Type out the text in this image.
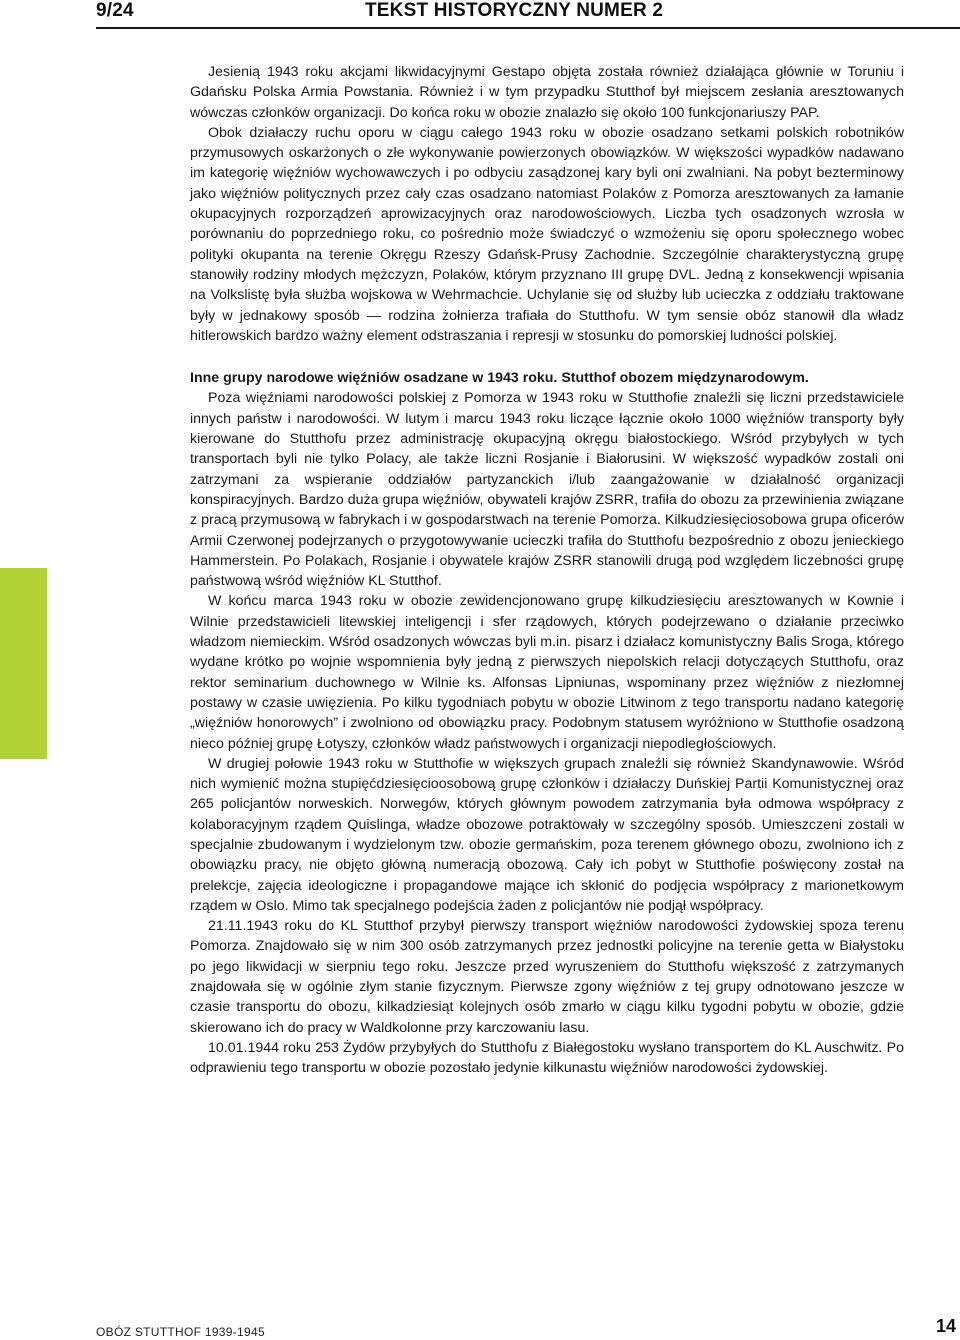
9/24	TEKST HISTORYCZNY NUMER 2

Jesienią 1943 roku akcjami likwidacyjnymi Gestapo objęta została również działająca głównie w Toruniu i Gdańsku Polska Armia Powstania. Również i w tym przypadku Stutthof był miejscem zesłania aresztowanych wówczas członków organizacji. Do końca roku w obozie znalazło się około 100 funkcjonariuszy PAP.

Obok działaczy ruchu oporu w ciągu całego 1943 roku w obozie osadzano setkami polskich robotników przymusowych oskarżonych o złe wykonywanie powierzonych obowiązków. W większości wypadków nadawano im kategorię więźniów wychowawczych i po odbyciu zasądzonej kary byli oni zwalniani. Na pobyt bezterminowy jako więźniów politycznych przez cały czas osadzano natomiast Polaków z Pomorza aresztowanych za łamanie okupacyjnych rozporządzeń aprowizacyjnych oraz narodowościowych. Liczba tych osadzonych wzrosła w porównaniu do poprzedniego roku, co pośrednio może świadczyć o wzmożeniu się oporu społecznego wobec polityki okupanta na terenie Okręgu Rzeszy Gdańsk-Prusy Zachodnie. Szczególnie charakterystyczną grupę stanowiły rodziny młodych mężczyzn, Polaków, którym przyznano III grupę DVL. Jedną z konsekwencji wpisania na Volkslistę była służba wojskowa w Wehrmachcie. Uchylanie się od służby lub ucieczka z oddziału traktowane były w jednakowy sposób — rodzina żołnierza trafiała do Stutthofu. W tym sensie obóz stanowił dla władz hitlerowskich bardzo ważny element odstraszania i represji w stosunku do pomorskiej ludności polskiej.

Inne grupy narodowe więźniów osadzane w 1943 roku. Stutthof obozem międzynarodowym.

Poza więźniami narodowości polskiej z Pomorza w 1943 roku w Stutthofie znaleźli się liczni przedstawiciele innych państw i narodowości. W lutym i marcu 1943 roku liczące łącznie około 1000 więźniów transporty były kierowane do Stutthofu przez administrację okupacyjną okręgu białostockiego. Wśród przybyłych w tych transportach byli nie tylko Polacy, ale także liczni Rosjanie i Białorusini. W większość wypadków zostali oni zatrzymani za wspieranie oddziałów partyzanckich i/lub zaangażowanie w działalność organizacji konspiracyjnych. Bardzo duża grupa więźniów, obywateli krajów ZSRR, trafiła do obozu za przewinienia związane z pracą przymusową w fabrykach i w gospodarstwach na terenie Pomorza. Kilkudziesięciosobowa grupa oficerów Armii Czerwonej podejrzanych o przygotowywanie ucieczki trafiła do Stutthofu bezpośrednio z obozu jenieckiego Hammerstein. Po Polakach, Rosjanie i obywatele krajów ZSRR stanowili drugą pod względem liczebności grupę państwową wśród więźniów KL Stutthof.

W końcu marca 1943 roku w obozie zewidencjonowano grupę kilkudziesięciu aresztowanych w Kownie i Wilnie przedstawicieli litewskiej inteligencji i sfer rządowych, których podejrzewano o działanie przeciwko władzom niemieckim. Wśród osadzonych wówczas byli m.in. pisarz i działacz komunistyczny Balis Sroga, którego wydane krótko po wojnie wspomnienia były jedną z pierwszych niepolskich relacji dotyczących Stutthofu, oraz rektor seminarium duchownego w Wilnie ks. Alfonsas Lipniunas, wspominany przez więźniów z niezłomnej postawy w czasie uwięzienia. Po kilku tygodniach pobytu w obozie Litwinom z tego transportu nadano kategorię „więźniów honorowych” i zwolniono od obowiązku pracy. Podobnym statusem wyróżniono w Stutthofie osadzoną nieco później grupę Łotyszy, członków władz państwowych i organizacji niepodległościowych.

W drugiej połowie 1943 roku w Stutthofie w większych grupach znaleźli się również Skandynawowie. Wśród nich wymienić można stupięćdziesięcioosobową grupę członków i działaczy Duńskiej Partii Komunistycznej oraz 265 policjantów norweskich. Norwegów, których głównym powodem zatrzymania była odmowa współpracy z kolaboracyjnym rządem Quislinga, władze obozowe potraktowały w szczególny sposób. Umieszczeni zostali w specjalnie zbudowanym i wydzielonym tzw. obozie germańskim, poza terenem głównego obozu, zwolniono ich z obowiązku pracy, nie objęto główną numeracją obozową. Cały ich pobyt w Stutthofie poświęcony został na prelekcje, zajęcia ideologiczne i propagandowe mające ich skłonić do podjęcia współpracy z marionetkowym rządem w Oslo. Mimo tak specjalnego podejścia żaden z policjantów nie podjął współpracy.

21.11.1943 roku do KL Stutthof przybył pierwszy transport więźniów narodowości żydowskiej spoza terenu Pomorza. Znajdowało się w nim 300 osób zatrzymanych przez jednostki policyjne na terenie getta w Białystoku po jego likwidacji w sierpniu tego roku. Jeszcze przed wyruszeniem do Stutthofu większość z zatrzymanych znajdowała się w ogólnie złym stanie fizycznym. Pierwsze zgony więźniów z tej grupy odnotowano jeszcze w czasie transportu do obozu, kilkadziesiąt kolejnych osób zmarło w ciągu kilku tygodni pobytu w obozie, gdzie skierowano ich do pracy w Waldkolonne przy karczowaniu lasu.

10.01.1944 roku 253 Żydów przybyłych do Stutthofu z Białegostoku wysłano transportem do KL Auschwitz. Po odprawieniu tego transportu w obozie pozostało jedynie kilkunastu więźniów narodowości żydowskiej.

OBÓZ STUTTHOF 1939-1945	14
